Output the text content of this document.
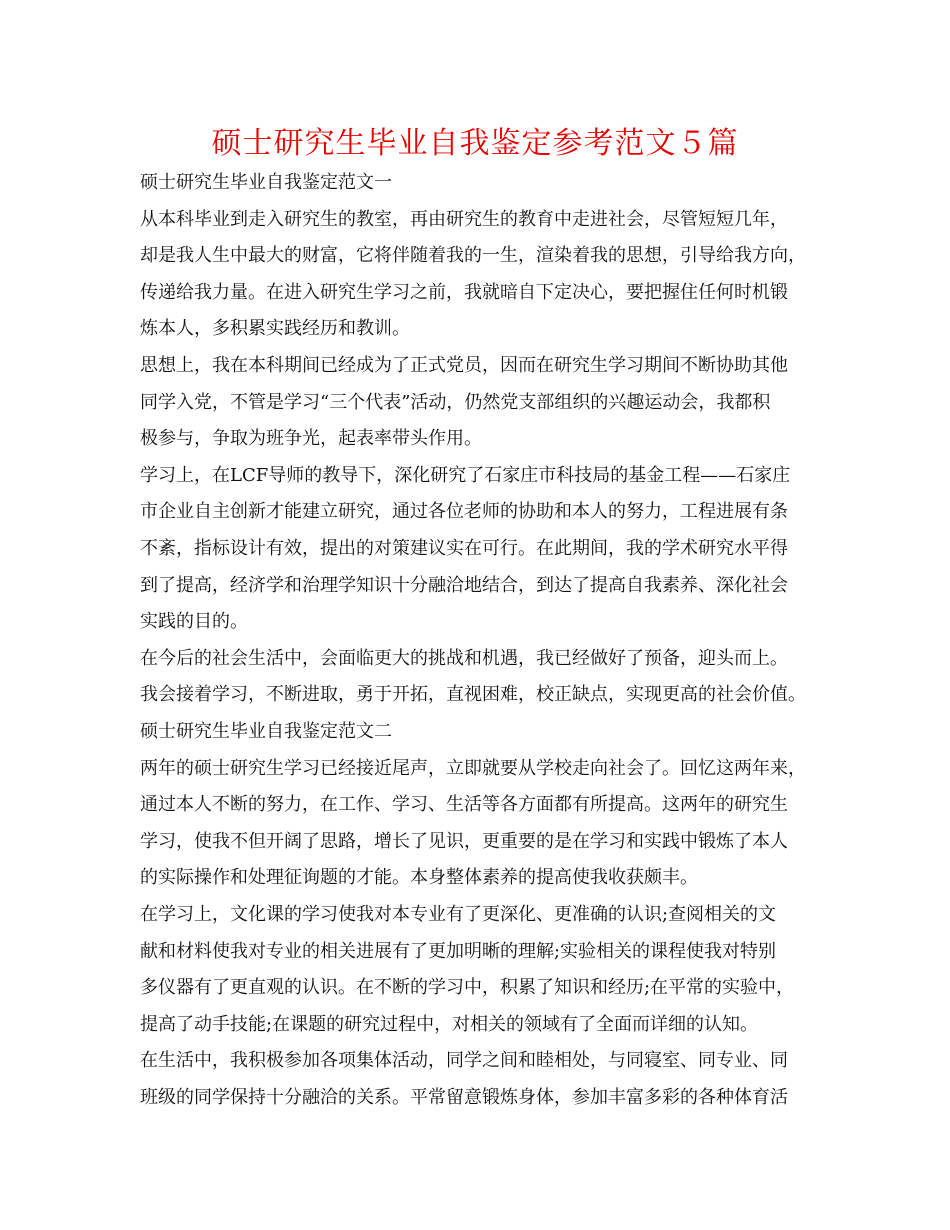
硕士研究生毕业自我鉴定参考范文５篇
硕士研究生毕业自我鉴定范文一
从本科毕业到走入研究生的教室，再由研究生的教育中走进社会，尽管短短几年，
却是我人生中最大的财富，它将伴随着我的一生，渲染着我的思想，引导给我方向，
传递给我力量。在进入研究生学习之前，我就暗自下定决心，要把握住任何时机锻
炼本人，多积累实践经历和教训。
思想上，我在本科期间已经成为了正式党员，因而在研究生学习期间不断协助其他
同学入党，不管是学习“三个代表”活动，仍然党支部组织的兴趣运动会，我都积
极参与，争取为班争光，起表率带头作用。
学习上，在LCF导师的教导下，深化研究了石家庄市科技局的基金工程——石家庄
市企业自主创新才能建立研究，通过各位老师的协助和本人的努力，工程进展有条
不紊，指标设计有效，提出的对策建议实在可行。在此期间，我的学术研究水平得
到了提高，经济学和治理学知识十分融洽地结合，到达了提高自我素养、深化社会
实践的目的。
在今后的社会生活中，会面临更大的挑战和机遇，我已经做好了预备，迎头而上。
我会接着学习，不断进取，勇于开拓，直视困难，校正缺点，实现更高的社会价值。
硕士研究生毕业自我鉴定范文二
两年的硕士研究生学习已经接近尾声，立即就要从学校走向社会了。回忆这两年来，
通过本人不断的努力，在工作、学习、生活等各方面都有所提高。这两年的研究生
学习，使我不但开阔了思路，增长了见识，更重要的是在学习和实践中锻炼了本人
的实际操作和处理征询题的才能。本身整体素养的提高使我收获颇丰。
在学习上，文化课的学习使我对本专业有了更深化、更准确的认识;查阅相关的文
献和材料使我对专业的相关进展有了更加明晰的理解;实验相关的课程使我对特别
多仪器有了更直观的认识。在不断的学习中，积累了知识和经历;在平常的实验中，
提高了动手技能;在课题的研究过程中，对相关的领域有了全面而详细的认知。
在生活中，我积极参加各项集体活动，同学之间和睦相处，与同寝室、同专业、同
班级的同学保持十分融洽的关系。平常留意锻炼身体，参加丰富多彩的各种体育活
